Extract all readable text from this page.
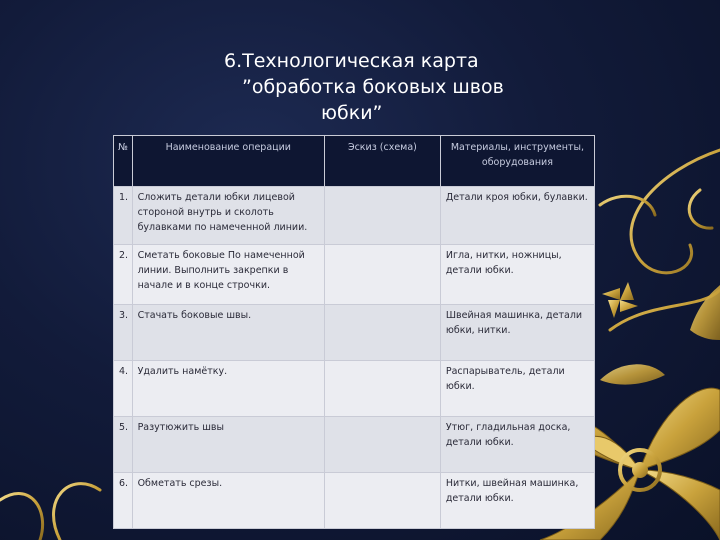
6.Технологическая карта
”обработка боковых швов
юбки”
№	Наименование операции	Эскиз (схема)	Материалы, инструменты, оборудования
1.	Сложить детали юбки лицевой стороной внутрь и сколоть булавками по намеченной линии.		Детали кроя юбки, булавки.
2.	Сметать боковые По намеченной линии. Выполнить закрепки в начале и в конце строчки.		Игла, нитки, ножницы, детали юбки.
3.	Стачать боковые швы.		Швейная машинка, детали юбки, нитки.
4.	Удалить намётку.		Распарыватель, детали юбки.
5.	Разутюжить швы		Утюг, гладильная доска, детали юбки.
6.	Обметать срезы.		Нитки, швейная машинка, детали юбки.
